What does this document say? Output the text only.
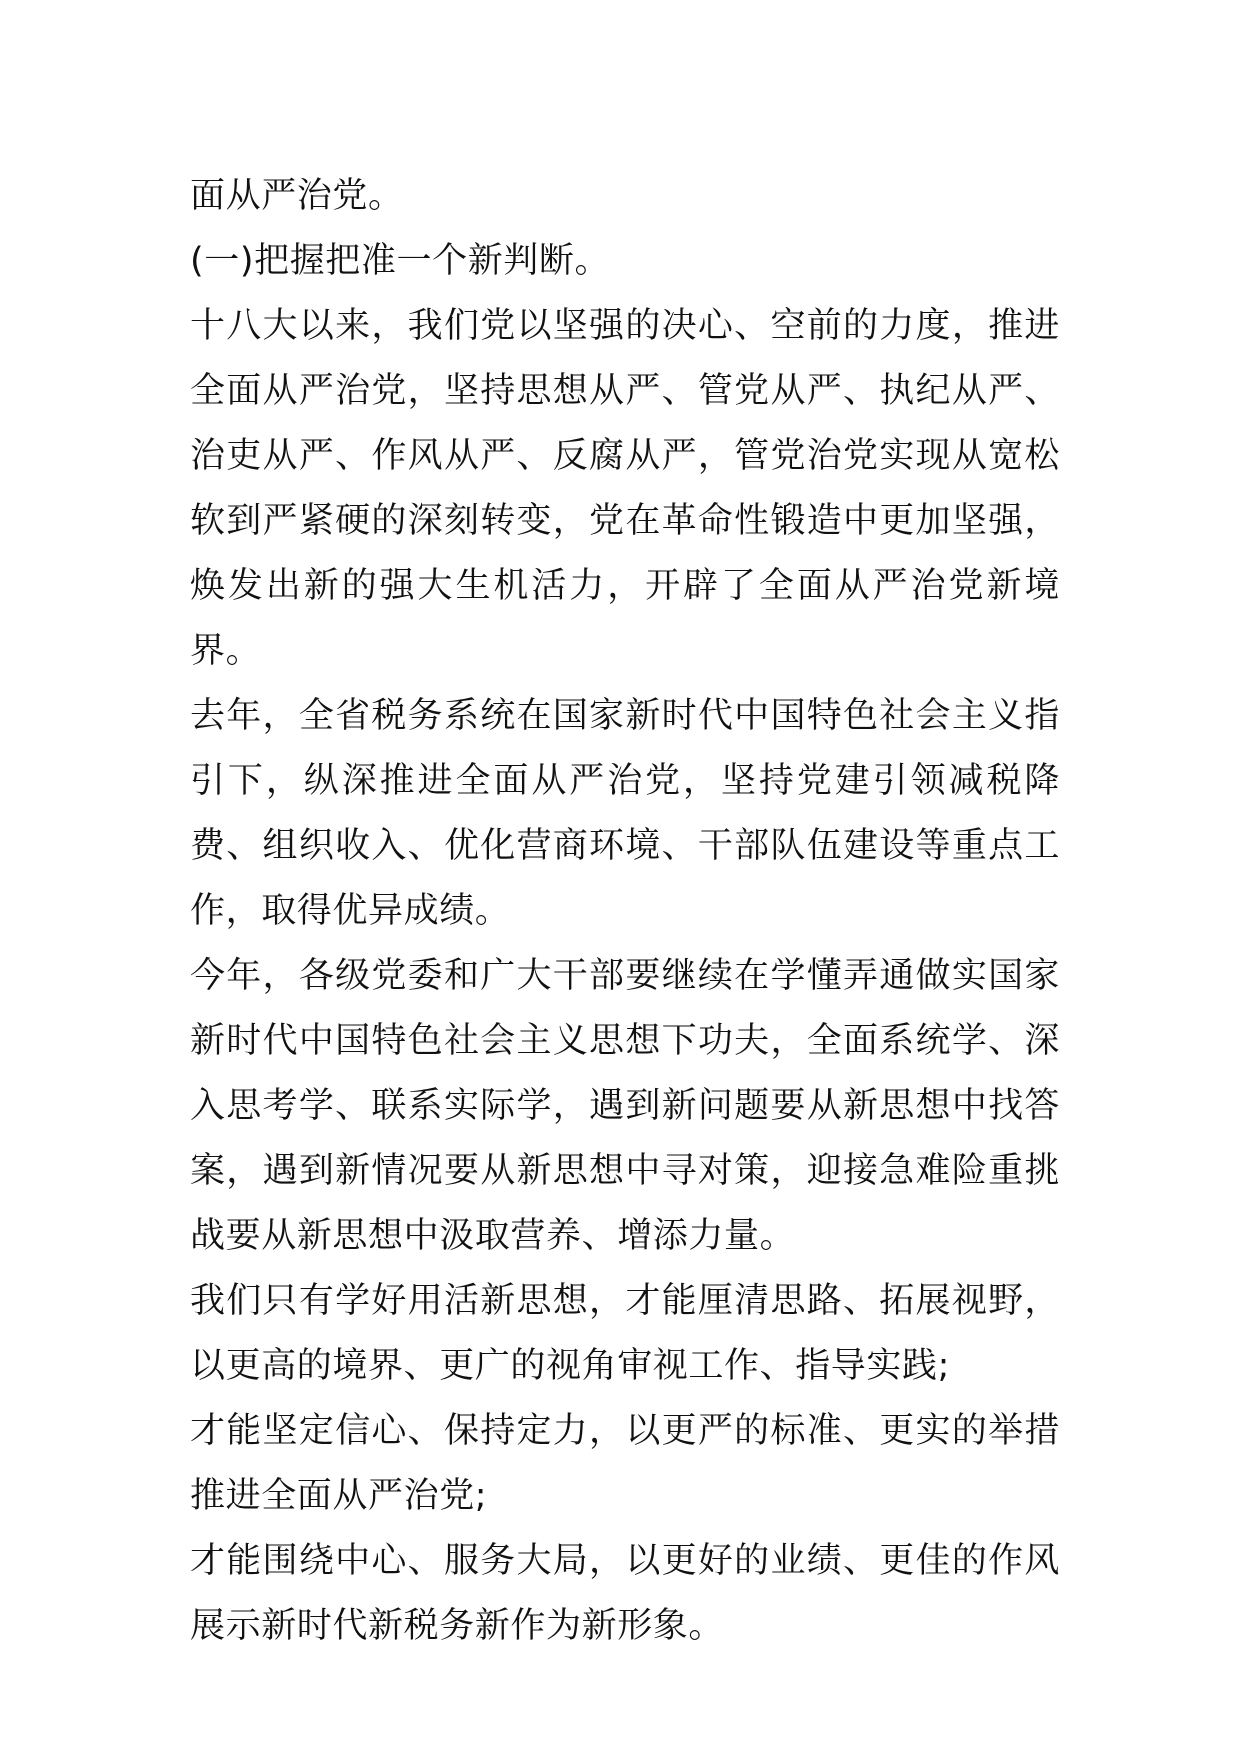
面从严治党。

(一)把握把准一个新判断。

十八大以来，我们党以坚强的决心、空前的力度，推进全面从严治党，坚持思想从严、管党从严、执纪从严、治吏从严、作风从严、反腐从严，管党治党实现从宽松软到严紧硬的深刻转变，党在革命性锻造中更加坚强，焕发出新的强大生机活力，开辟了全面从严治党新境界。

去年，全省税务系统在国家新时代中国特色社会主义指引下，纵深推进全面从严治党，坚持党建引领减税降费、组织收入、优化营商环境、干部队伍建设等重点工作，取得优异成绩。

今年，各级党委和广大干部要继续在学懂弄通做实国家新时代中国特色社会主义思想下功夫，全面系统学、深入思考学、联系实际学，遇到新问题要从新思想中找答案，遇到新情况要从新思想中寻对策，迎接急难险重挑战要从新思想中汲取营养、增添力量。

我们只有学好用活新思想，才能厘清思路、拓展视野，以更高的境界、更广的视角审视工作、指导实践;

才能坚定信心、保持定力，以更严的标准、更实的举措推进全面从严治党;

才能围绕中心、服务大局，以更好的业绩、更佳的作风展示新时代新税务新作为新形象。
